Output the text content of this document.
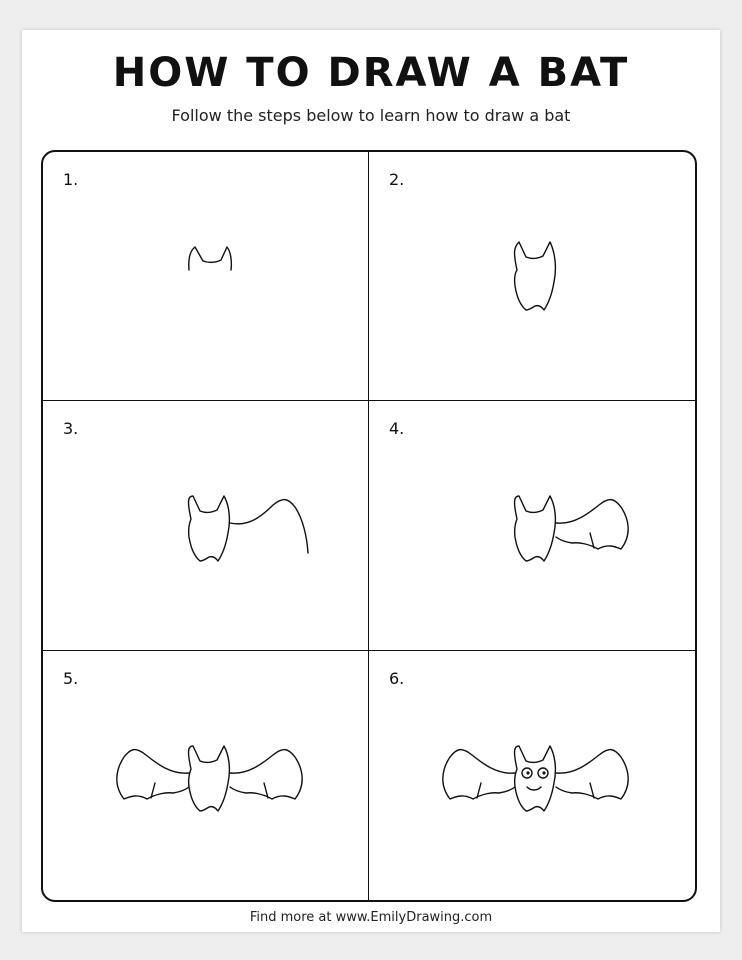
HOW TO DRAW A BAT
Follow the steps below to learn how to draw a bat
1.	2.
3.	4.
5.	6.
Find more at www.EmilyDrawing.com
